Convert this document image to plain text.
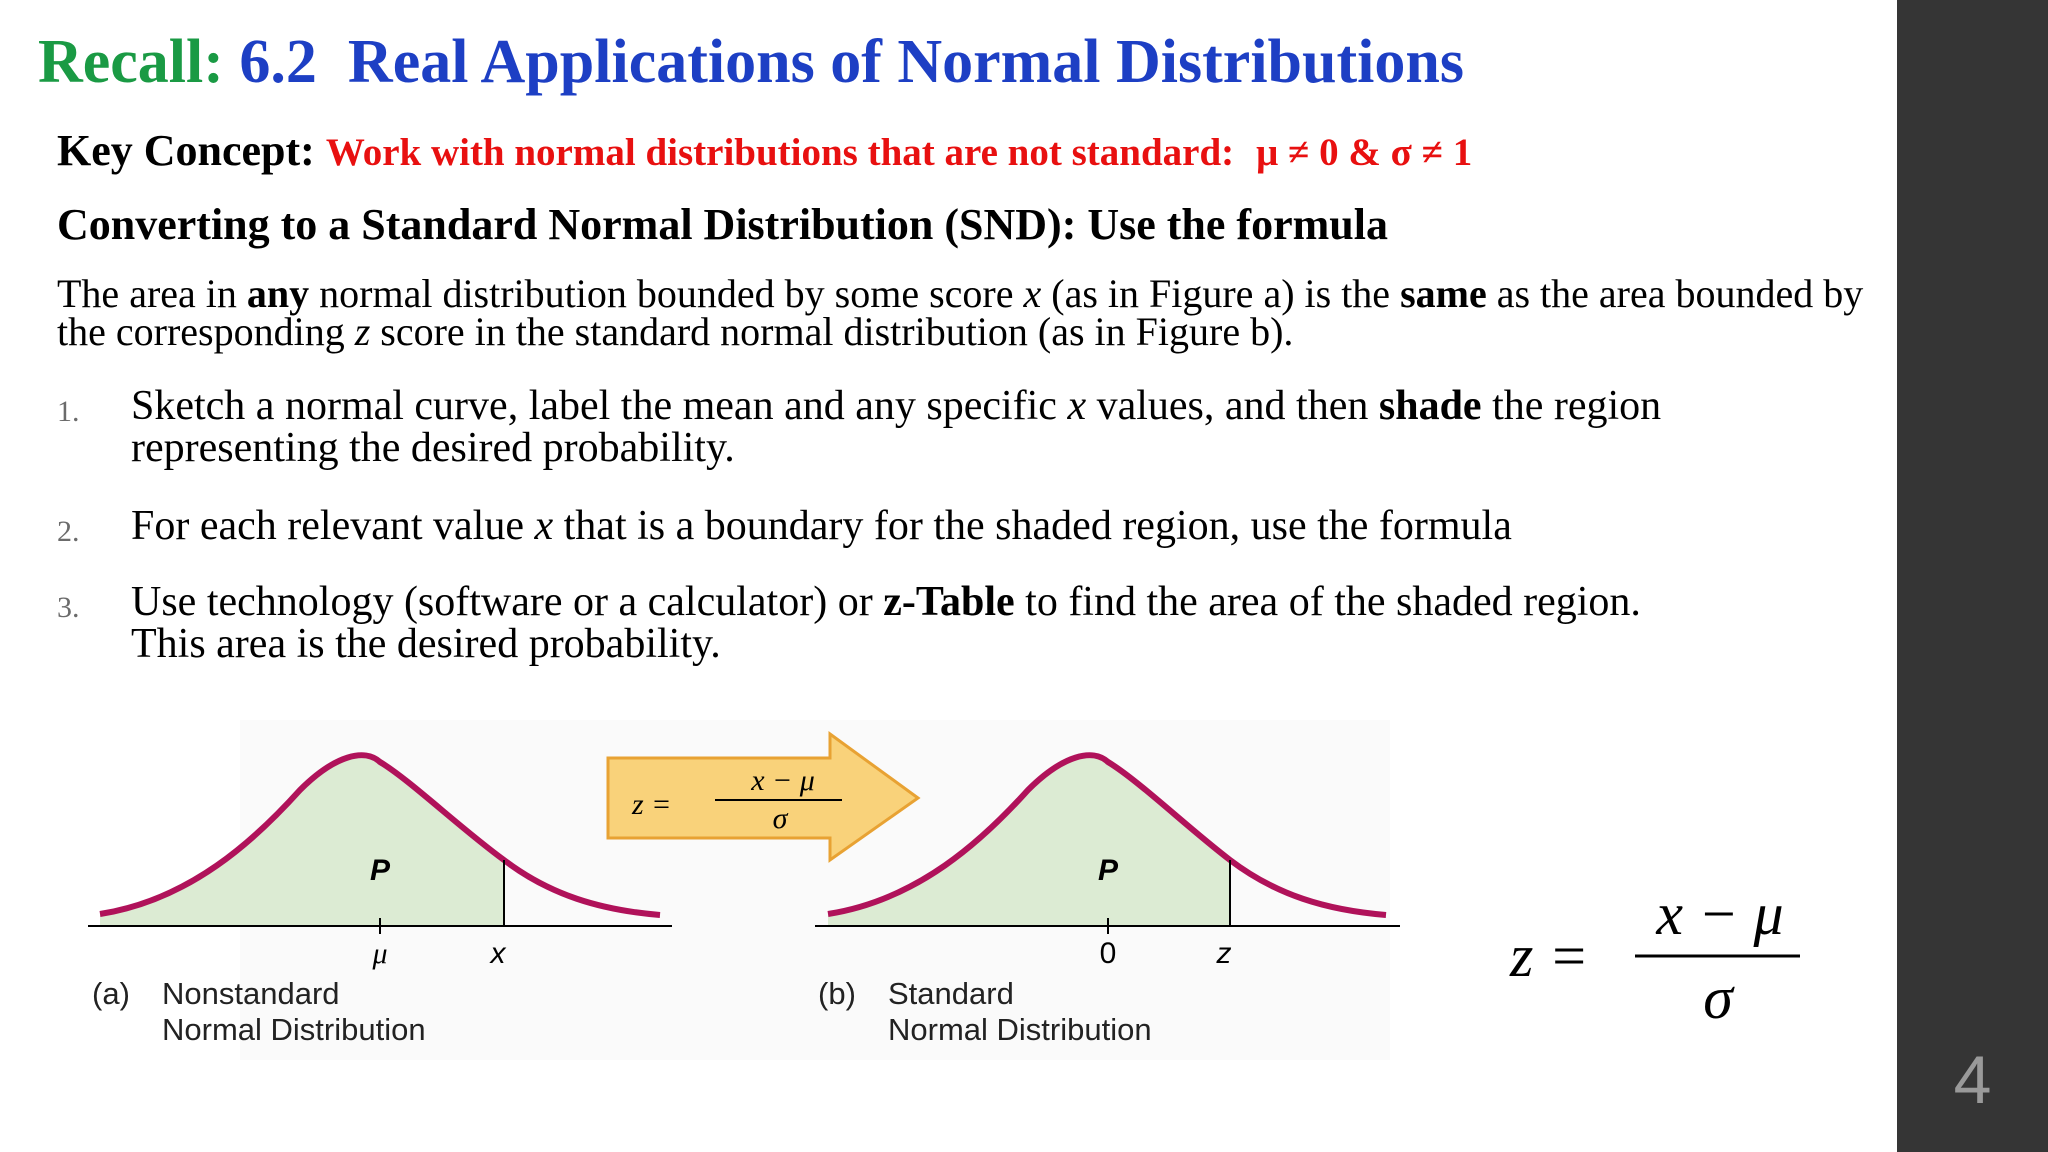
4
Recall: 6.2 Real Applications of Normal Distributions
Key Concept: Work with normal distributions that are not standard: μ ≠ 0 & σ ≠ 1
Converting to a Standard Normal Distribution (SND): Use the formula
The area in any normal distribution bounded by some score x (as in Figure a) is the same as the area bounded by the corresponding z score in the standard normal distribution (as in Figure b).
1.	Sketch a normal curve, label the mean and any specific x values, and then shade the region
representing the desired probability.
2.	For each relevant value x that is a boundary for the shaded region, use the formula
3.	Use technology (software or a calculator) or z-Table to find the area of the shaded region.
This area is the desired probability.
P
μ	x
(a) Nonstandard
Normal Distribution
z =
x − μ
σ
P
0	z
(b) Standard
Normal Distribution
z =
x − μ
σ
